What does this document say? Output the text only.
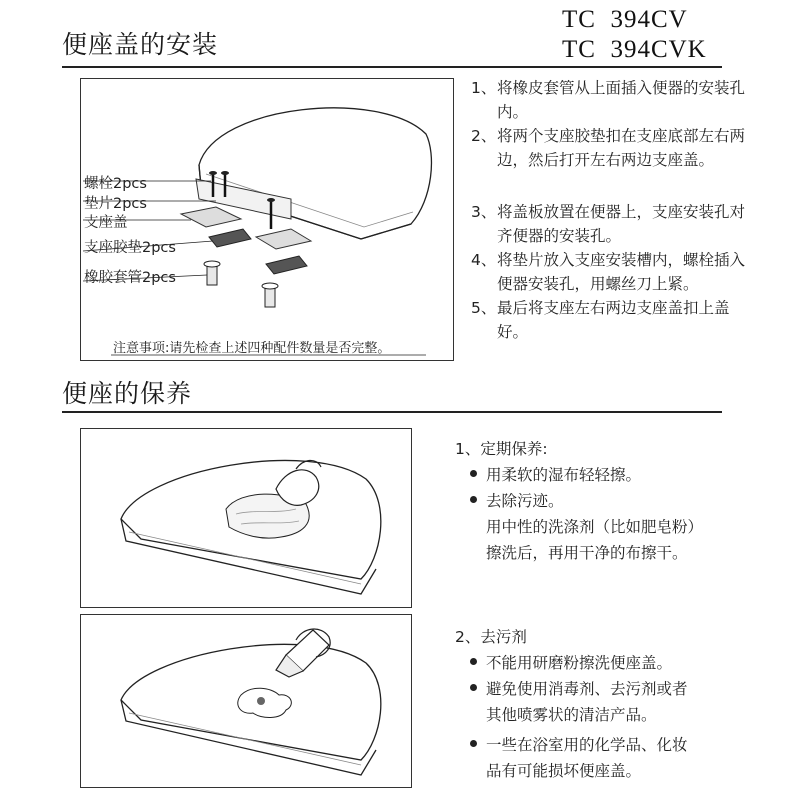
便座盖的安装
TC  394CV
TC  394CVK
螺栓2pcs
垫片2pcs
支座盖
支座胶垫2pcs
橡胶套管2pcs
注意事项:请先检查上述四种配件数量是否完整。
1、 将橡皮套管从上面插入便器的安装孔内。
2、 将两个支座胶垫扣在支座底部左右两边，然后打开左右两边支座盖。
3、 将盖板放置在便器上，支座安装孔对齐便器的安装孔。
4、 将垫片放入支座安装槽内，螺栓插入便器安装孔，用螺丝刀上紧。
5、 最后将支座左右两边支座盖扣上盖好。
便座的保养
1、定期保养:
用柔软的湿布轻轻擦。
去除污迹。
用中性的洗涤剂（比如肥皂粉）
擦洗后，再用干净的布擦干。
2、去污剂
不能用研磨粉擦洗便座盖。
避免使用消毒剂、去污剂或者
其他喷雾状的清洁产品。
一些在浴室用的化学品、化妆
品有可能损坏便座盖。
